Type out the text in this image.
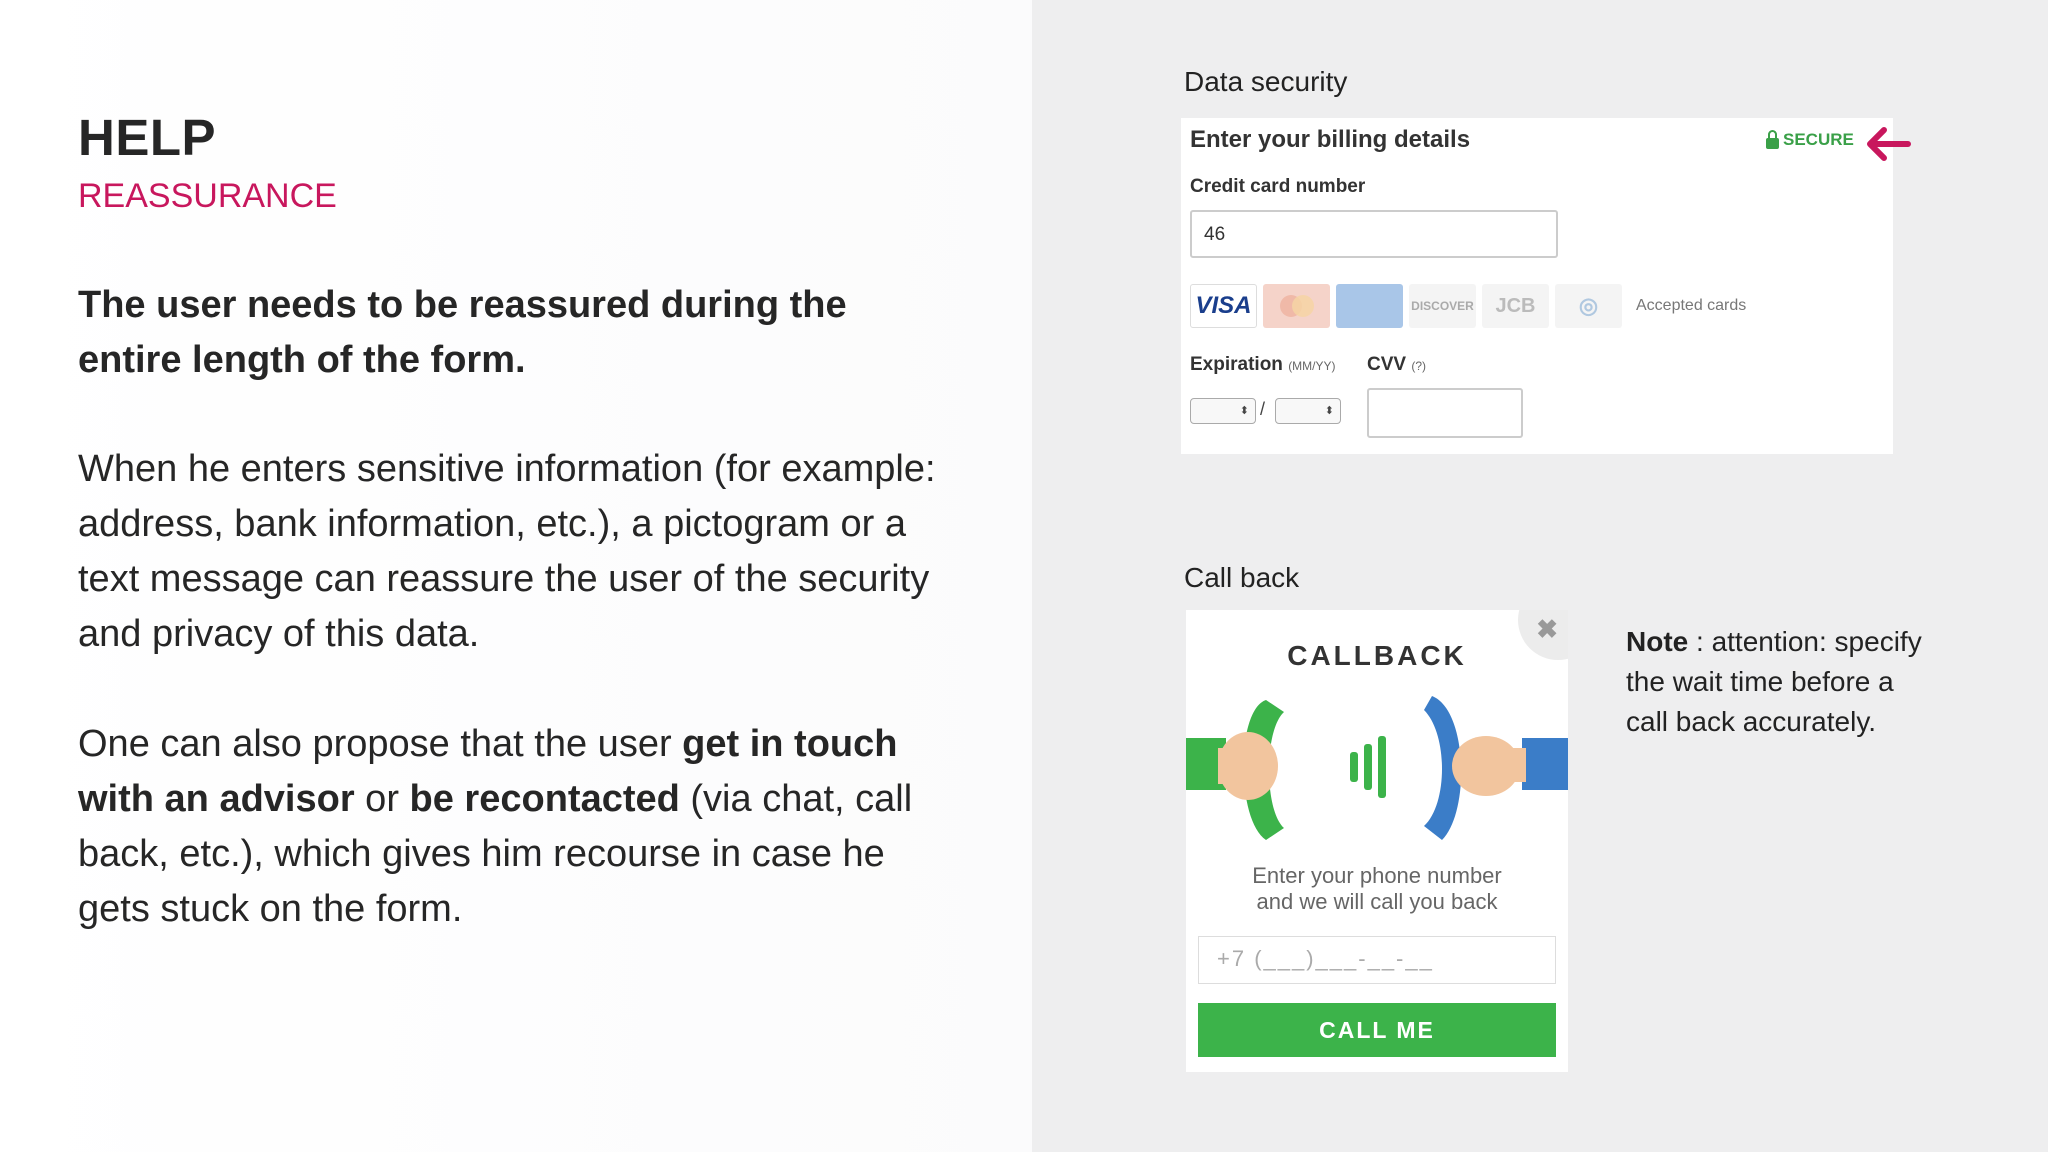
HELP
REASSURANCE
The user needs to be reassured during the entire length of the form.
When he enters sensitive information (for example: address, bank information, etc.), a pictogram or a text message can reassure the user of the security and privacy of this data.
One can also propose that the user get in touch with an advisor or be recontacted (via chat, call back, etc.), which gives him recourse in case he gets stuck on the form.
Data security
Enter your billing details	SECURE
Credit card number
46
VISA	DISCOVER	JCB	◎	Accepted cards
Expiration (MM/YY) CVV (?)
⬍ /	⬍
Call back
✖
CALLBACK
Enter your phone number
and we will call you back
+7 (___)___-__-__
CALL ME
Note : attention: specify the wait time before a call back accurately.
